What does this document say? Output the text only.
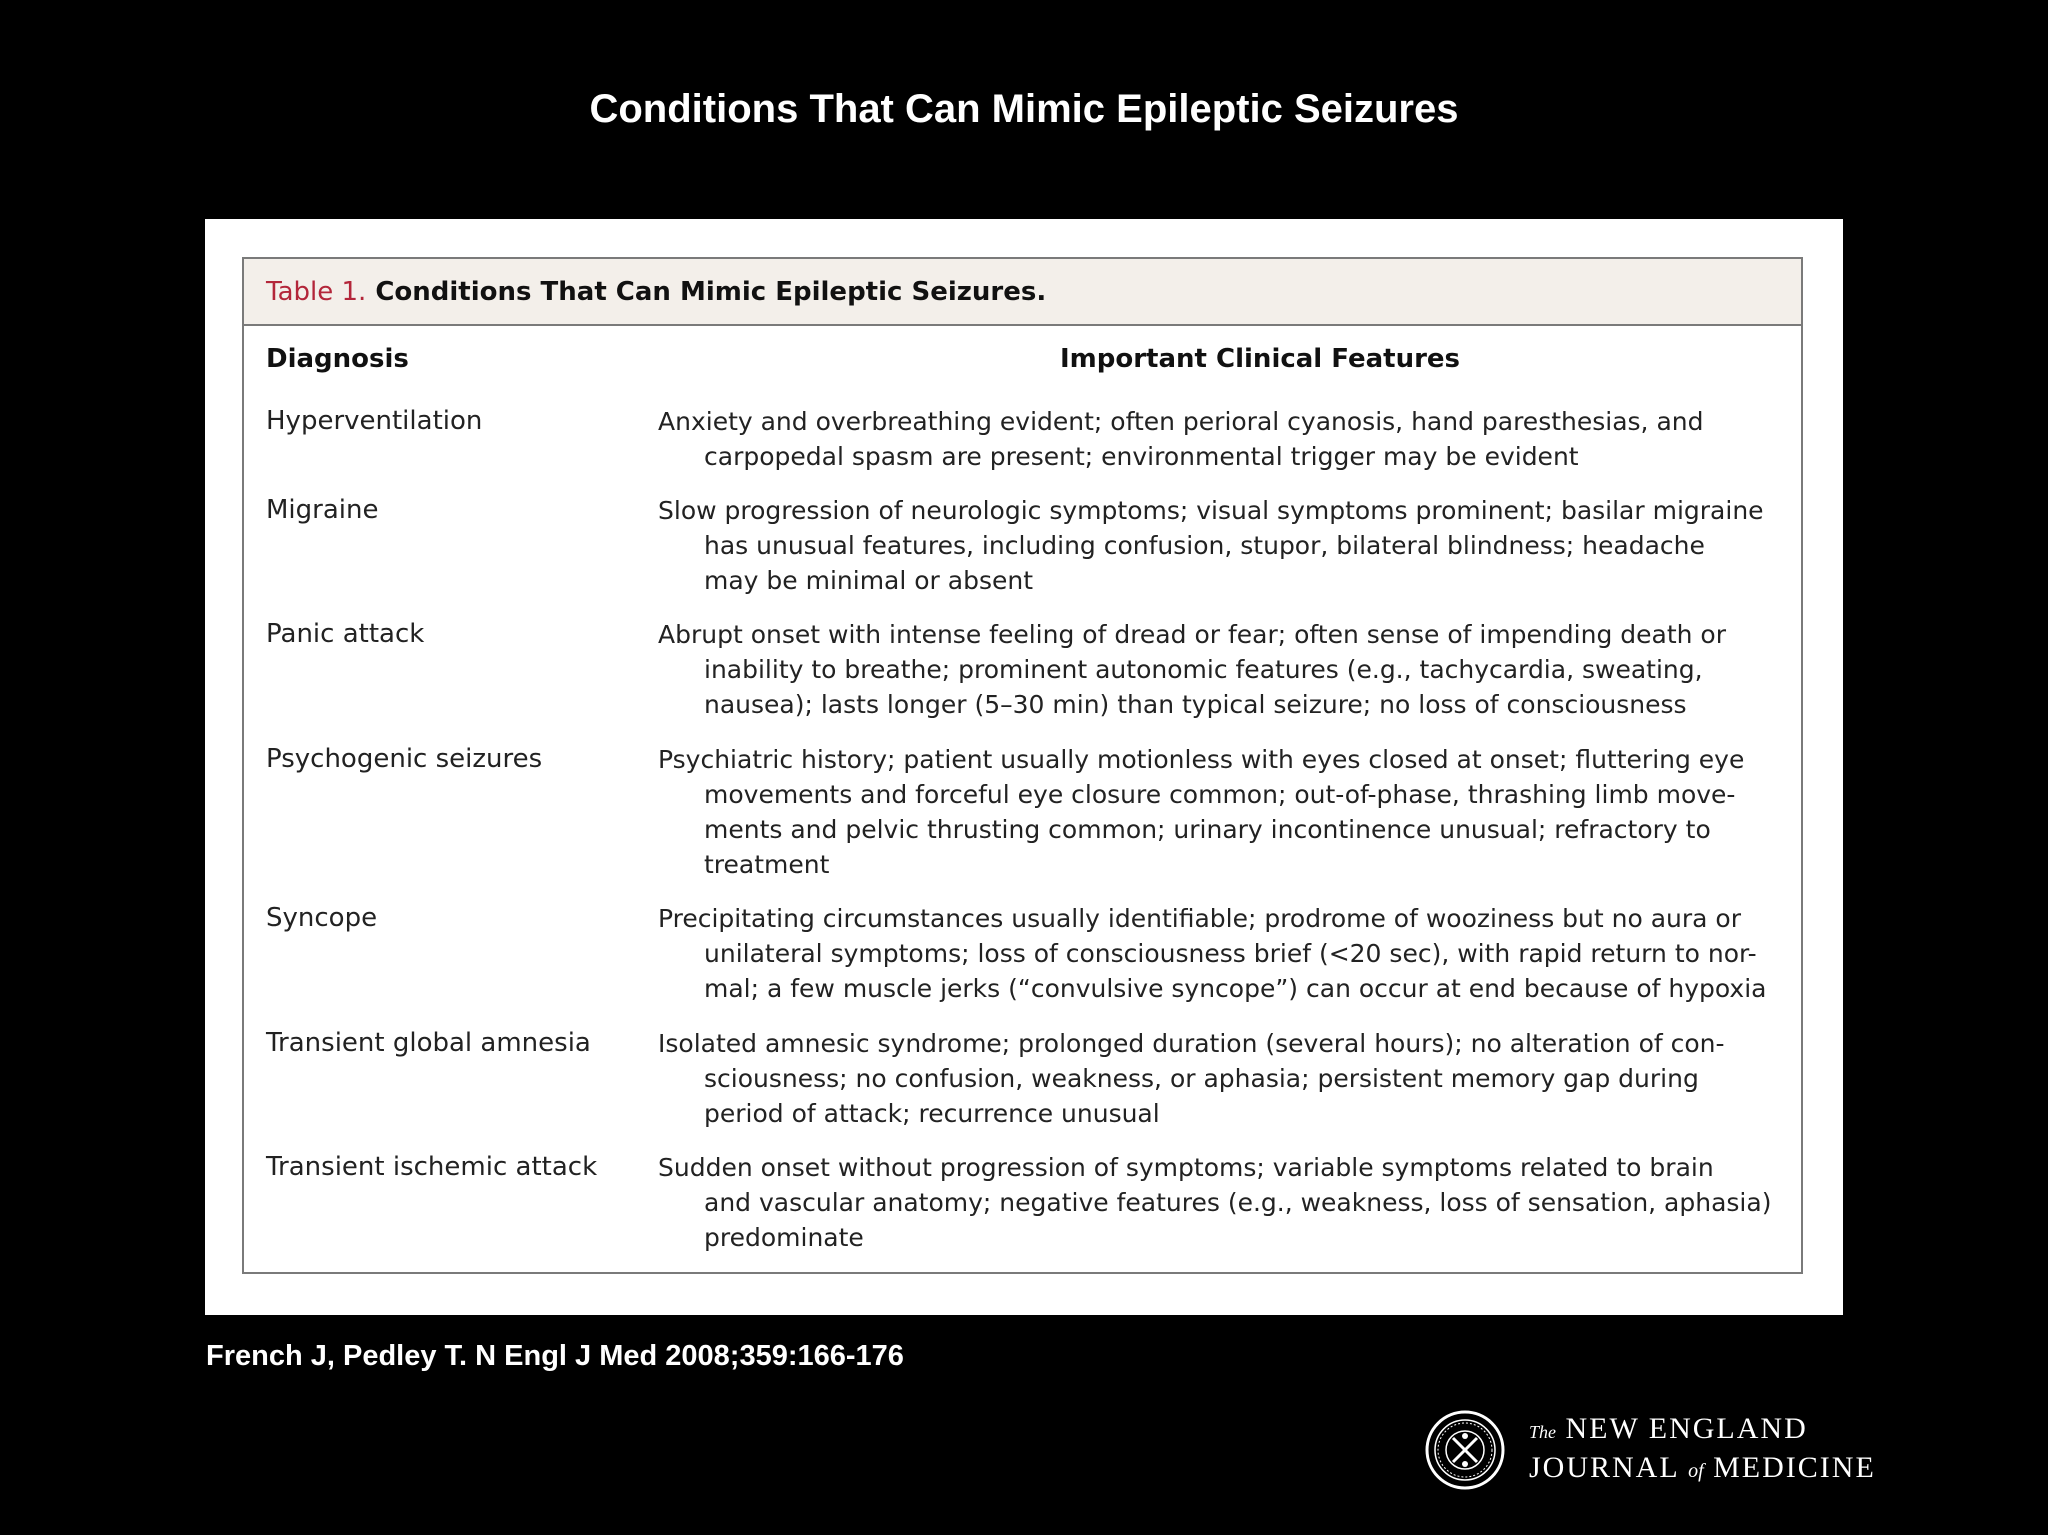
Conditions That Can Mimic Epileptic Seizures
Table 1. Conditions That Can Mimic Epileptic Seizures.
Diagnosis	Important Clinical Features
Hyperventilation	Anxiety and overbreathing evident; often perioral cyanosis, hand paresthesias, and
carpopedal spasm are present; environmental trigger may be evident
Migraine	Slow progression of neurologic symptoms; visual symptoms prominent; basilar migraine
has unusual features, including confusion, stupor, bilateral blindness; headache
may be minimal or absent
Panic attack	Abrupt onset with intense feeling of dread or fear; often sense of impending death or
inability to breathe; prominent autonomic features (e.g., tachycardia, sweating,
nausea); lasts longer (5–30 min) than typical seizure; no loss of consciousness
Psychogenic seizures	Psychiatric history; patient usually motionless with eyes closed at onset; fluttering eye
movements and forceful eye closure common; out-of-phase, thrashing limb move-
ments and pelvic thrusting common; urinary incontinence unusual; refractory to
treatment
Syncope	Precipitating circumstances usually identifiable; prodrome of wooziness but no aura or
unilateral symptoms; loss of consciousness brief (<20 sec), with rapid return to nor-
mal; a few muscle jerks (“convulsive syncope”) can occur at end because of hypoxia
Transient global amnesia	Isolated amnesic syndrome; prolonged duration (several hours); no alteration of con-
sciousness; no confusion, weakness, or aphasia; persistent memory gap during
period of attack; recurrence unusual
Transient ischemic attack	Sudden onset without progression of symptoms; variable symptoms related to brain
and vascular anatomy; negative features (e.g., weakness, loss of sensation, aphasia)
predominate
French J, Pedley T. N Engl J Med 2008;359:166-176
The NEW ENGLAND
JOURNAL of MEDICINE
